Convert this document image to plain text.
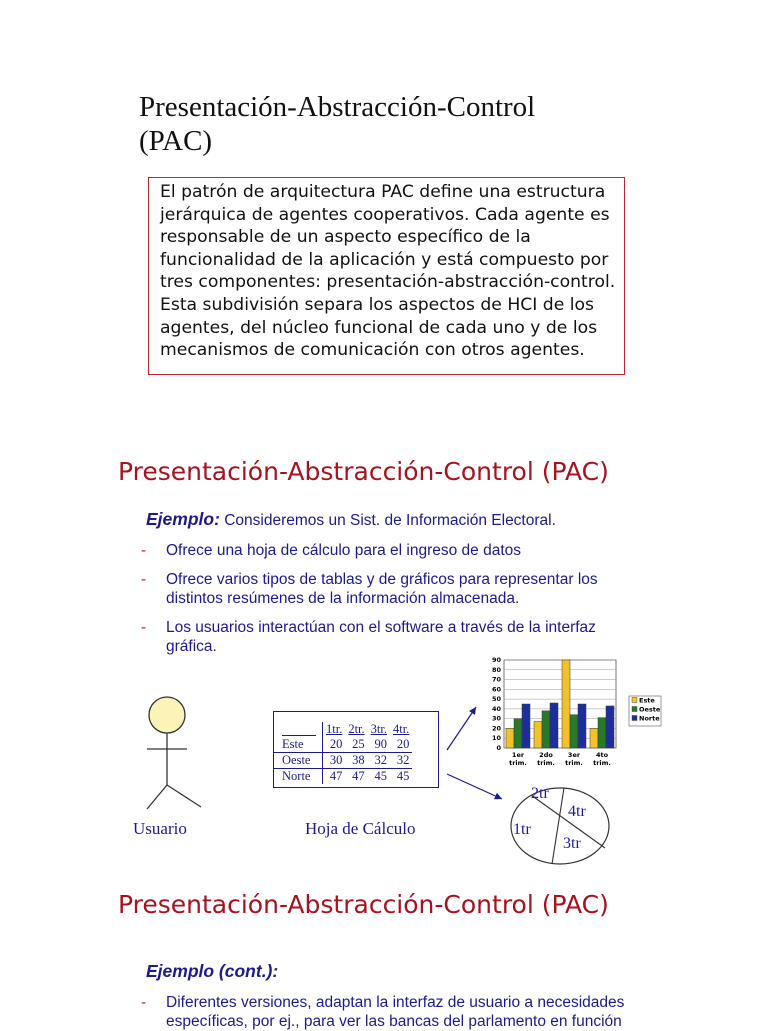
Presentación-Abstracción-Control
(PAC)
El patrón de arquitectura PAC define una estructura
jerárquica de agentes cooperativos. Cada agente es
responsable de un aspecto específico de la
funcionalidad de la aplicación y está compuesto por
tres componentes: presentación-abstracción-control.
Esta subdivisión separa los aspectos de HCI de los
agentes, del núcleo funcional de cada uno y de los
mecanismos de comunicación con otros agentes.
Presentación-Abstracción-Control (PAC)
Ejemplo: Consideremos un Sist. de Información Electoral.
-	Ofrece una hoja de cálculo para el ingreso de datos
-	Ofrece varios tipos de tablas y de gráficos para representar los
distintos resúmenes de la información almacenada.
-	Los usuarios interactúan con el software a través de la interfaz
gráfica.
Usuario
	1tr.	2tr.	3tr.	4tr.
Este	20	25	90	20
Oeste	30	38	32	32
Norte	47	47	45	45
Hoja de Cálculo
0
10
20
30
40
50
60
70
80
90
1er
trim.
2do
trim.
3er
trim.
4to
trim.
Este
Oeste
Norte
2tr
4tr
1tr
3tr
Presentación-Abstracción-Control (PAC)
Ejemplo (cont.):
-	Diferentes versiones, adaptan la interfaz de usuario a necesidades
específicas, por ej., para ver las bancas del parlamento en función
